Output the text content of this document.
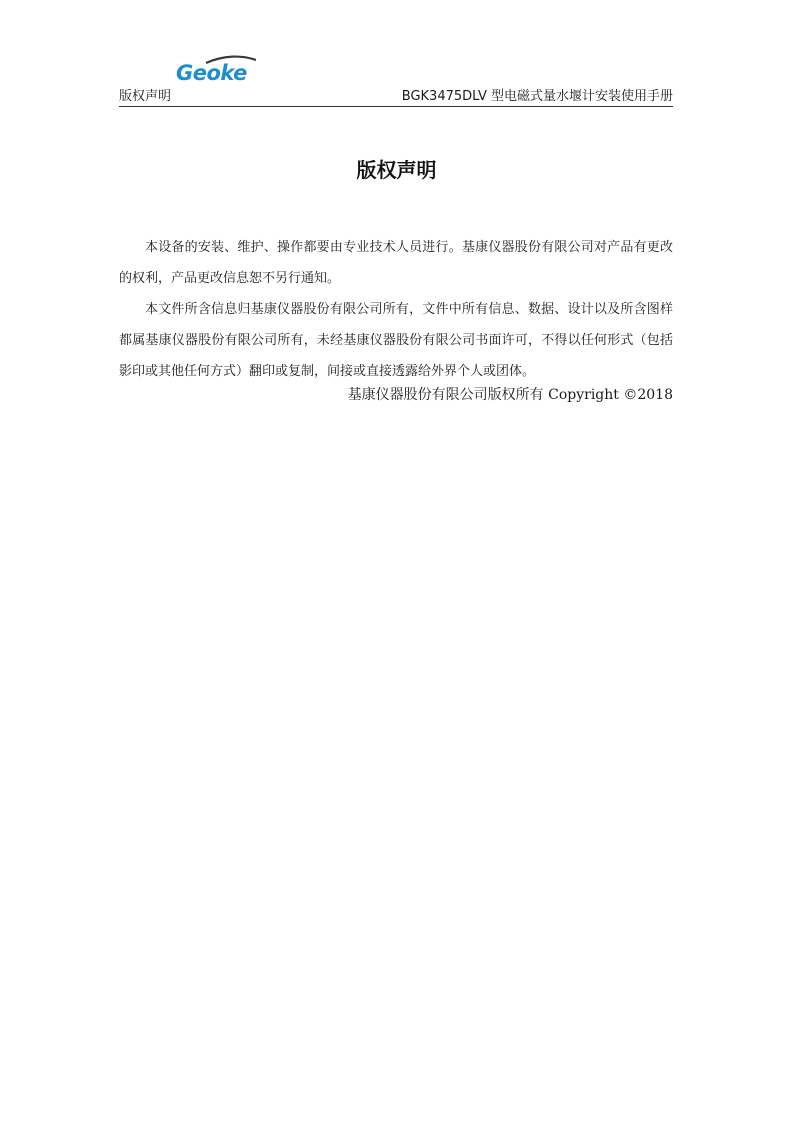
版权声明
Geoke
BGK3475DLV 型电磁式量水堰计安装使用手册
版权声明

本设备的安装、维护、操作都要由专业技术人员进行。基康仪器股份有限公司对产品有更改的权利，产品更改信息恕不另行通知。

本文件所含信息归基康仪器股份有限公司所有，文件中所有信息、数据、设计以及所含图样都属基康仪器股份有限公司所有，未经基康仪器股份有限公司书面许可，不得以任何形式（包括影印或其他任何方式）翻印或复制，间接或直接透露给外界个人或团体。

基康仪器股份有限公司版权所有 Copyright ©2018
